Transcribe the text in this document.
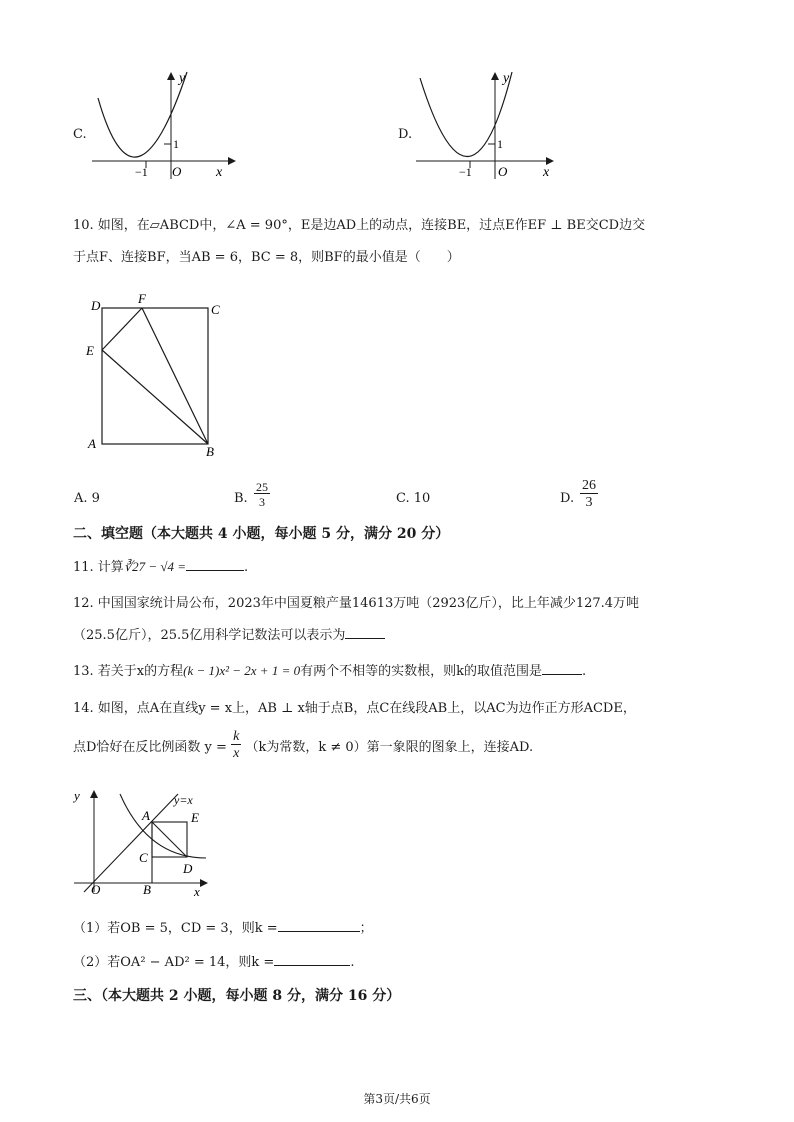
C.
y
x
O
1
−1
D.
y
x
O
1
−1
10. 如图，在▱ABCD中，∠A = 90°，E是边AD上的动点，连接BE，过点E作EF ⊥ BE交CD边交
于点F、连接BF，当AB = 6，BC = 8，则BF的最小值是（　　）
D	F
C
E
A
B
A. 9	B. $\frac{25}{3}$	C. 10	D. $\frac{26}{3}$
二、填空题（本大题共 4 小题，每小题 5 分，满分 20 分）
11. 计算∛27 − √4 =	.
12. 中国国家统计局公布，2023年中国夏粮产量14613万吨（2923亿斤），比上年减少127.4万吨
（25.5亿斤），25.5亿用科学记数法可以表示为
13. 若关于x的方程(k − 1)x² − 2x + 1 = 0有两个不相等的实数根，则k的取值范围是	.
14. 如图，点A在直线y = x上，AB ⊥ x轴于点B，点C在线段AB上，以AC为边作正方形ACDE，
点D恰好在反比例函数 $y = \frac{k}{x} (k$为常数，k ≠ 0）第一象限的图象上，连接AD.
y	y=x
A	E
C
D
O	B	x
（1）若OB = 5，CD = 3，则k =	；
（2）若OA² − AD² = 14，则k =	.
三、（本大题共 2 小题，每小题 8 分，满分 16 分）
第3页/共6页
